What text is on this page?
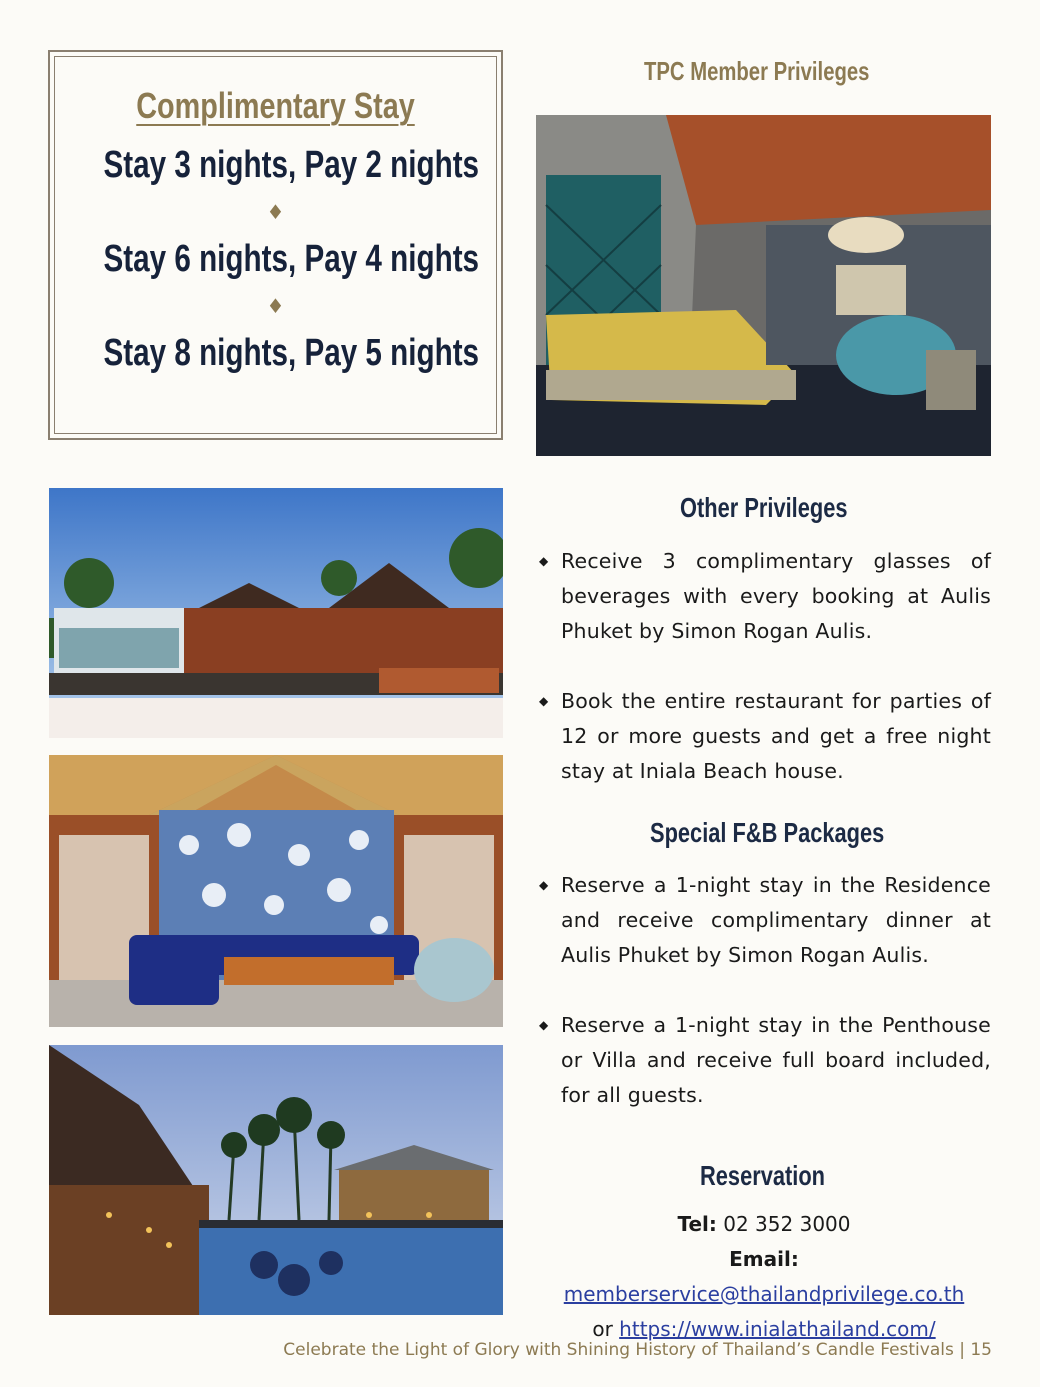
Complimentary Stay
Stay 3 nights, Pay 2 nights
♦
Stay 6 nights, Pay 4 nights
♦
Stay 8 nights, Pay 5 nights
TPC Member Privileges
Other Privileges
◆ Receive 3 complimentary glasses of beverages with every booking at Aulis Phuket by Simon Rogan Aulis.
◆ Book the entire restaurant for parties of 12 or more guests and get a free night stay at Iniala Beach house.
Special F&B Packages
◆ Reserve a 1-night stay in the Residence and receive complimentary dinner at Aulis Phuket by Simon Rogan Aulis.
◆ Reserve a 1-night stay in the Penthouse or Villa and receive full board included, for all guests.
Reservation
Tel: 02 352 3000
Email: memberservice@thailandprivilege.co.th
or https://www.inialathailand.com/
Celebrate the Light of Glory with Shining History of Thailand’s Candle Festivals | 15
